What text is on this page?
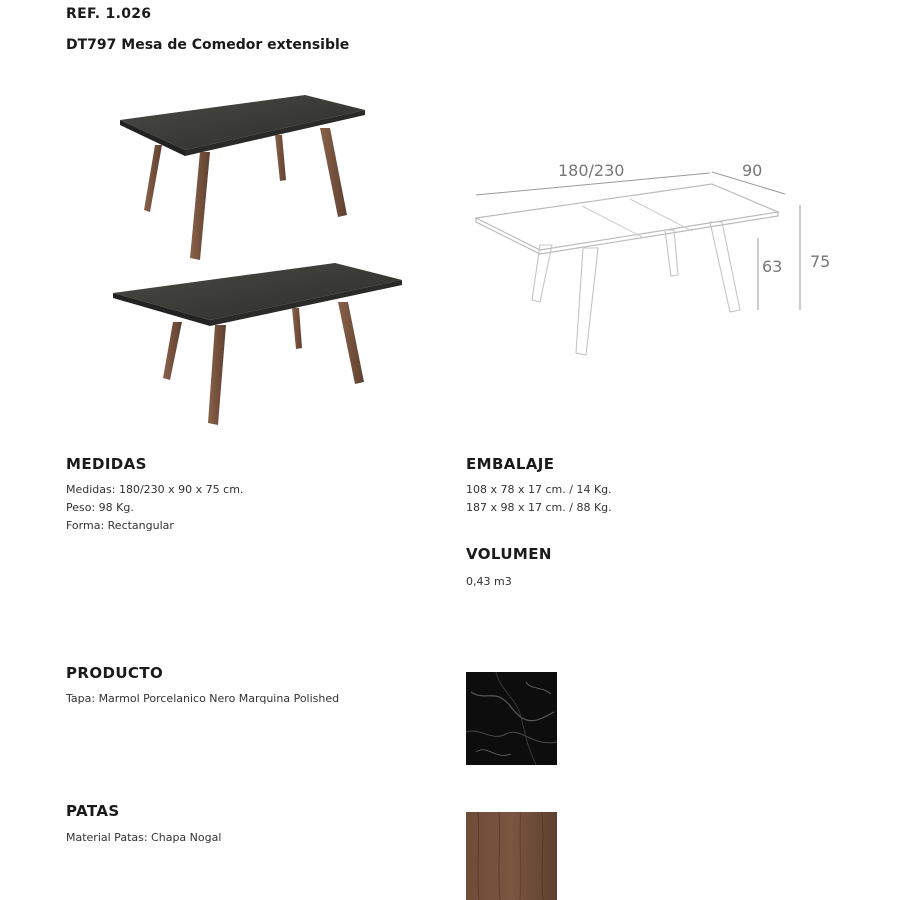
REF. 1.026
DT797 Mesa de Comedor extensible
180/230	90
63 75
MEDIDAS
Medidas: 180/230 x 90 x 75 cm.
Peso: 98 Kg.
Forma: Rectangular
EMBALAJE
108 x 78 x 17 cm. / 14 Kg.
187 x 98 x 17 cm. / 88 Kg.
VOLUMEN
0,43 m3
PRODUCTO
Tapa: Marmol Porcelanico Nero Marquina Polished
PATAS
Material Patas: Chapa Nogal
